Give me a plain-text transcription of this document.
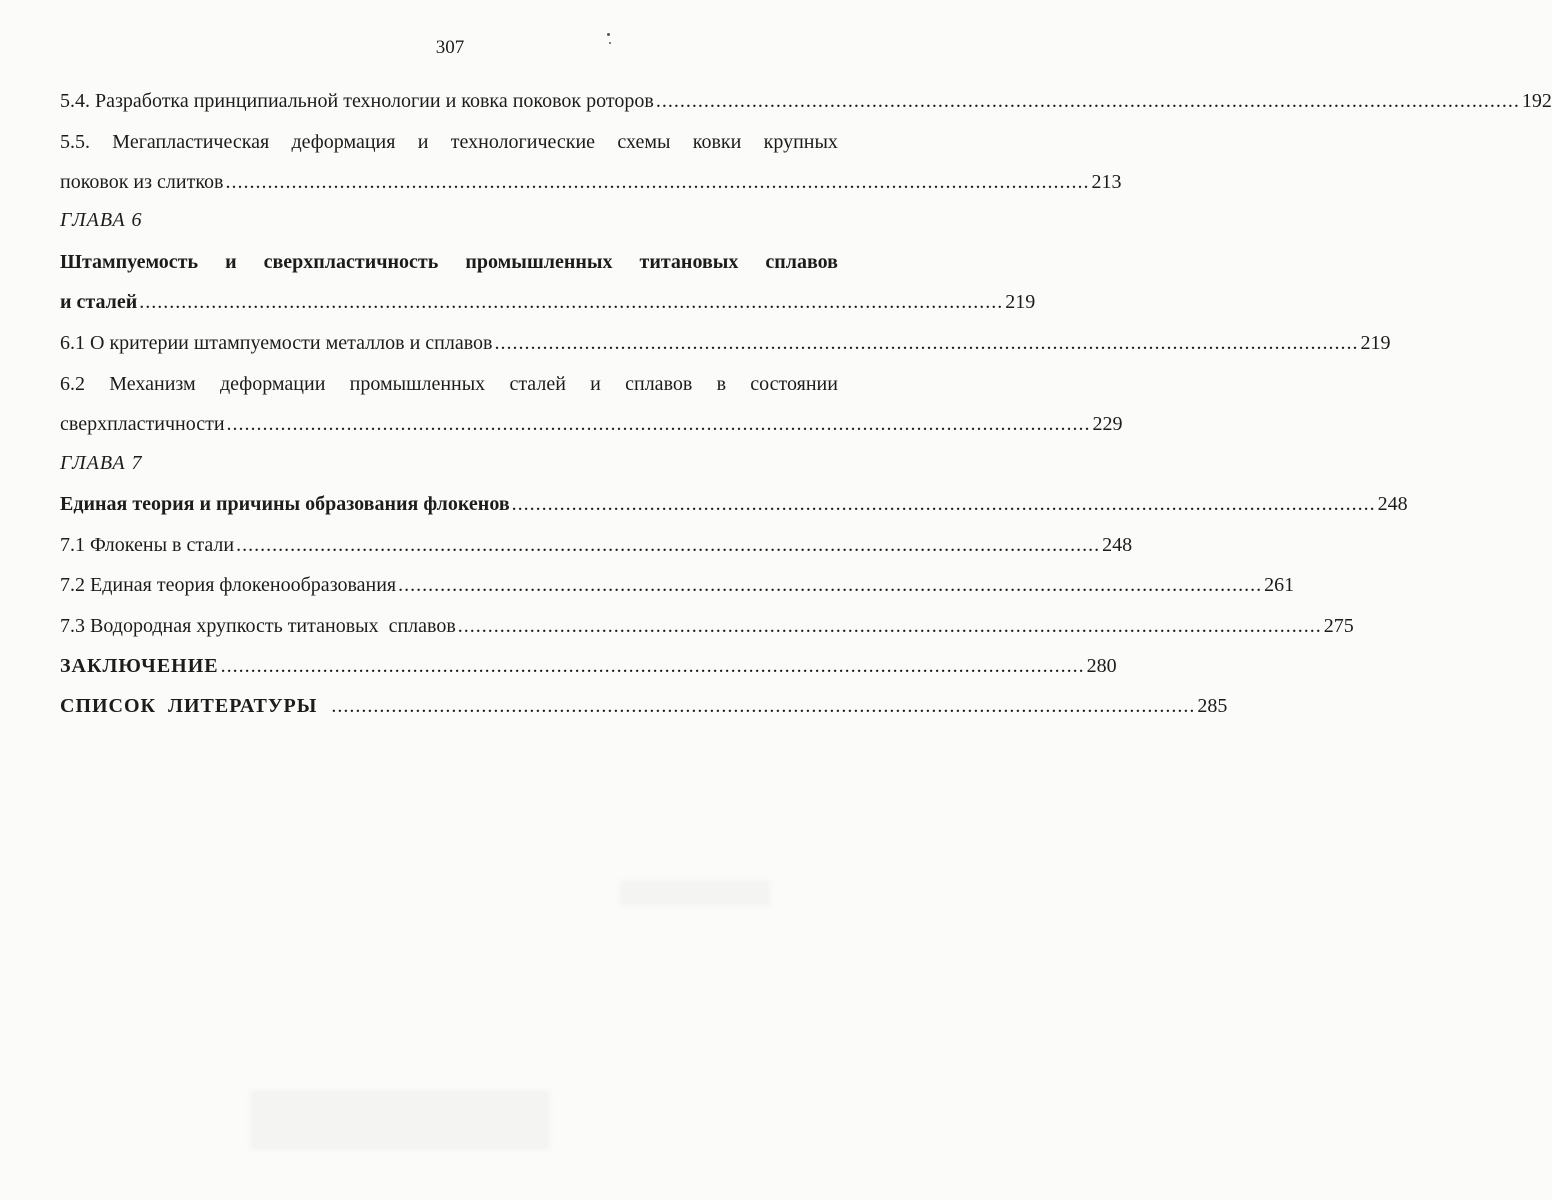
307
5.4. Разработка принципиальной технологии и ковка поковок роторов ................................................................................................................................................ 192
5.5. Мегапластическая деформация и технологические схемы ковки крупных
поковок из слитков ................................................................................................................................................ 213
ГЛАВА 6
Штампуемость и сверхпластичность промышленных титановых сплавов
и сталей ................................................................................................................................................ 219
6.1 О критерии штампуемости металлов и сплавов ................................................................................................................................................ 219
6.2 Механизм деформации промышленных сталей и сплавов в состоянии
сверхпластичности ................................................................................................................................................ 229
ГЛАВА 7
Единая теория и причины образования флокенов ................................................................................................................................................ 248
7.1 Флокены в стали ................................................................................................................................................ 248
7.2 Единая теория флокенообразования ................................................................................................................................................ 261
7.3 Водородная хрупкость титановых  сплавов ................................................................................................................................................ 275
ЗАКЛЮЧЕНИЕ ................................................................................................................................................ 280
СПИСОК  ЛИТЕРАТУРЫ ................................................................................................................................................ 285
